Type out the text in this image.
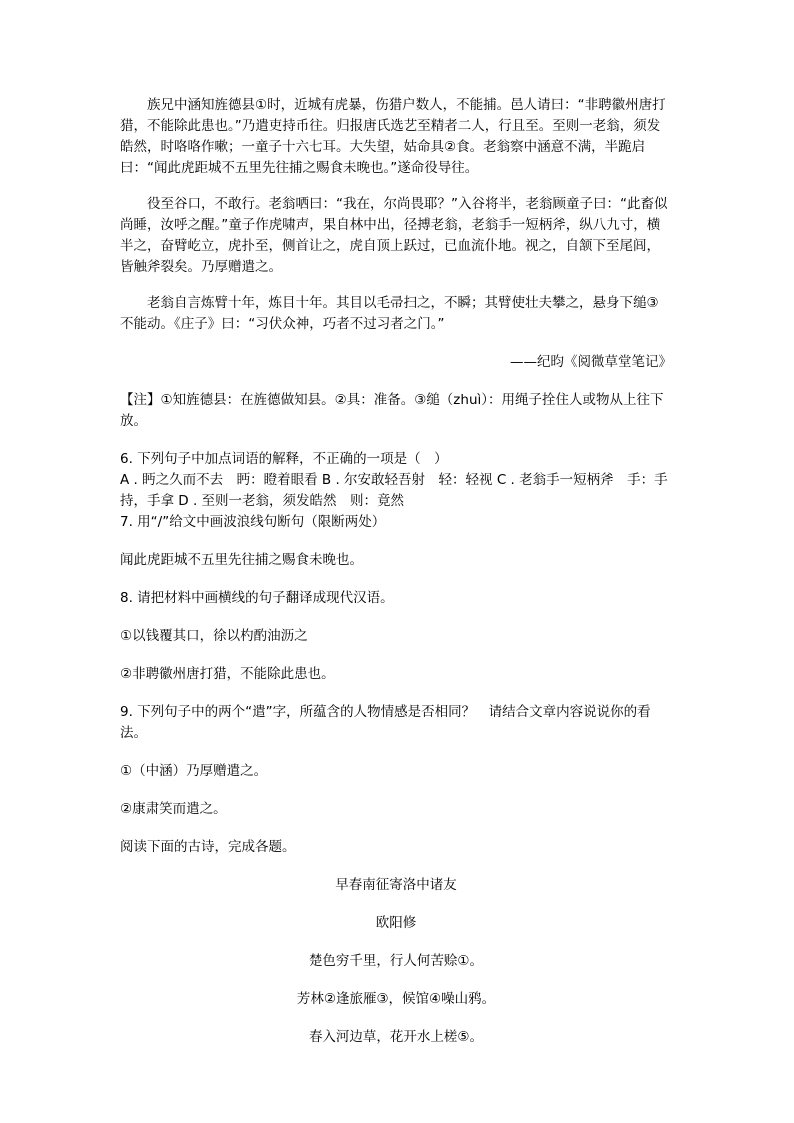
族兄中涵知旌德县①时，近城有虎暴，伤猎户数人，不能捕。邑人请曰：“非聘徽州唐打猎，不能除此患也。”乃遣吏持币往。归报唐氏选艺至精者二人，行且至。至则一老翁，须发皓然，时咯咯作嗽；一童子十六七耳。大失望，姑命具②食。老翁察中涵意不满，半跪启曰：“闻此虎距城不五里先往捕之赐食未晚也。”遂命役导往。

役至谷口，不敢行。老翁哂曰：“我在，尔尚畏耶？”入谷将半，老翁顾童子曰：“此畜似尚睡，汝呼之醒。”童子作虎啸声，果自林中出，径搏老翁，老翁手一短柄斧，纵八九寸，横半之，奋臂屹立，虎扑至，侧首让之，虎自顶上跃过，已血流仆地。视之，自颔下至尾闾，皆触斧裂矣。乃厚赠遣之。

老翁自言炼臂十年，炼目十年。其目以毛帚扫之，不瞬；其臂使壮夫攀之，悬身下缒③不能动。《庄子》曰：“习伏众神，巧者不过习者之门。”

——纪昀《阅微草堂笔记》

【注】①知旌德县：在旌德做知县。②具：准备。③缒（zhuì）：用绳子拴住人或物从上往下放。

6. 下列句子中加点词语的解释，不正确的一项是（　）

A . 眄之久而不去　眄：瞪着眼看 B . 尔安敢轻吾射　轻：轻视 C . 老翁手一短柄斧　手：手持，手拿 D . 至则一老翁，须发皓然　则：竟然

7. 用“/”给文中画波浪线句断句（限断两处）

闻此虎距城不五里先往捕之赐食未晚也。

8. 请把材料中画横线的句子翻译成现代汉语。

①以钱覆其口，徐以杓酌油沥之

②非聘徽州唐打猎，不能除此患也。

9. 下列句子中的两个“遣”字，所蕴含的人物情感是否相同？　请结合文章内容说说你的看法。

①（中涵）乃厚赠遣之。

②康肃笑而遣之。

阅读下面的古诗，完成各题。

早春南征寄洛中诸友

欧阳修

楚色穷千里，行人何苦赊①。

芳林②逢旅雁③，候馆④噪山鸦。

春入河边草，花开水上槎⑤。
